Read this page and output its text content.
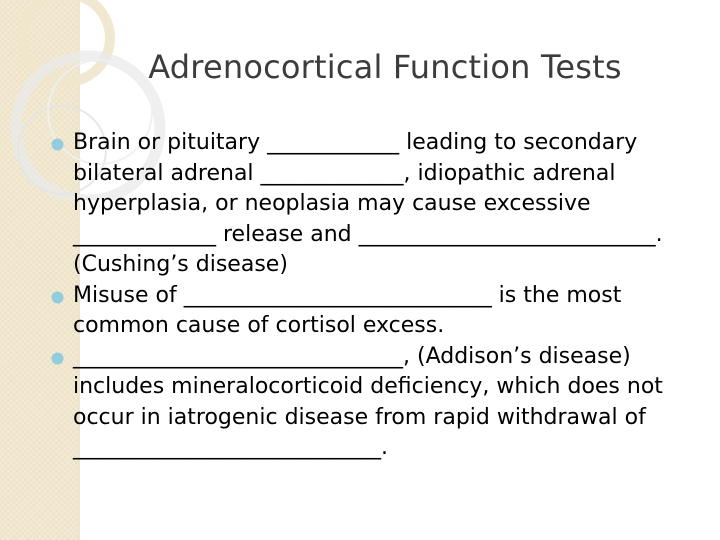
Adrenocortical Function Tests
Brain or pituitary ____________ leading to secondary bilateral adrenal _____________, idiopathic adrenal hyperplasia, or neoplasia may cause excessive _____________ release and ___________________________. (Cushing’s disease)
Misuse of ____________________________ is the most common cause of cortisol excess.
______________________________, (Addison’s disease) includes mineralocorticoid deficiency, which does not occur in iatrogenic disease from rapid withdrawal of ____________________________.
